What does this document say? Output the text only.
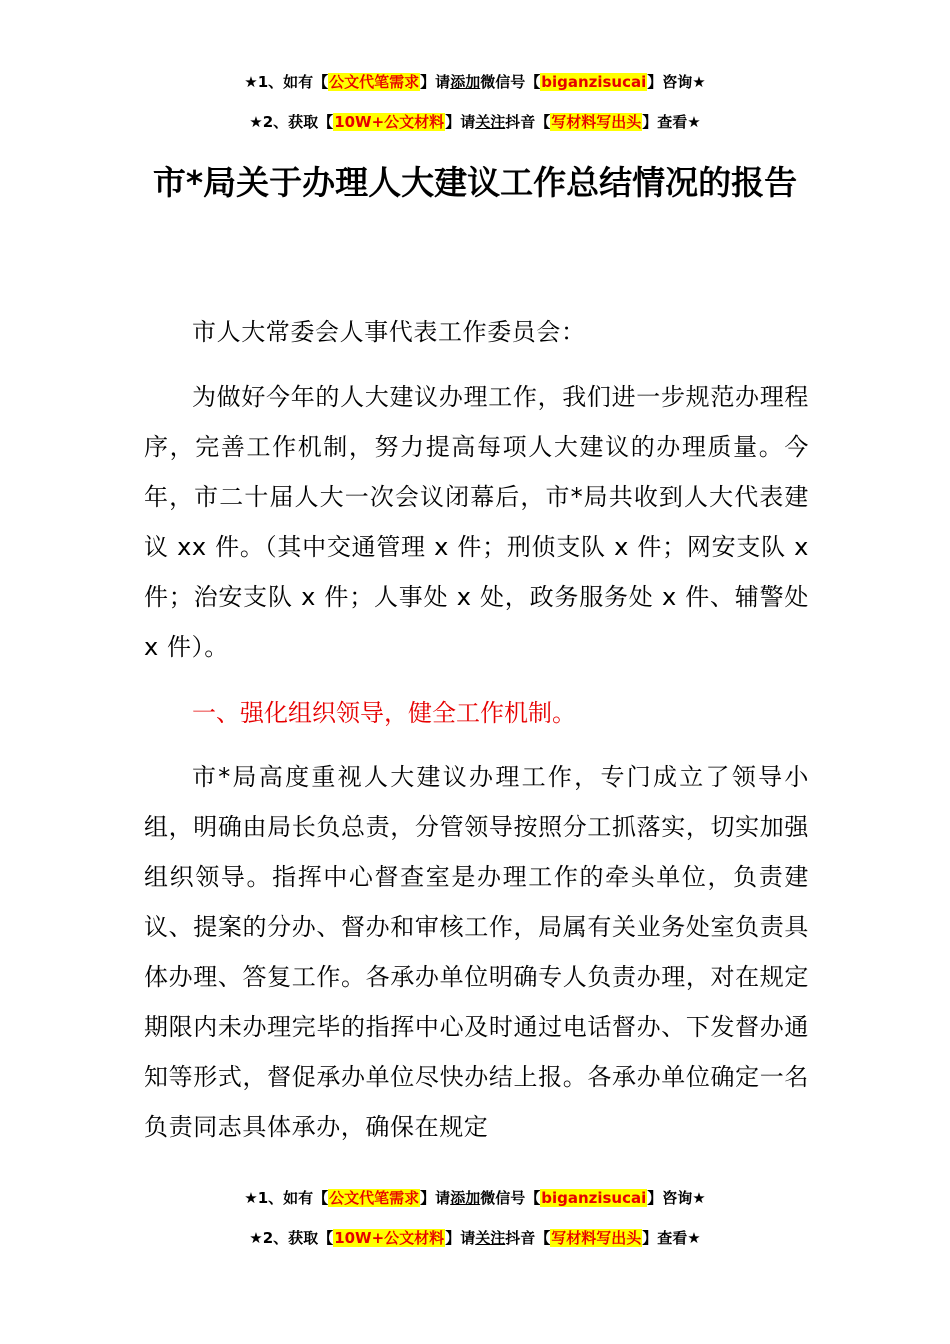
★1、如有【公文代笔需求】请添加微信号【biganzisucai】咨询★
★2、获取【10W+公文材料】请关注抖音【写材料写出头】查看★
市*局关于办理人大建议工作总结情况的报告

市人大常委会人事代表工作委员会：

为做好今年的人大建议办理工作，我们进一步规范办理程序，完善工作机制，努力提高每项人大建议的办理质量。今年，市二十届人大一次会议闭幕后，市*局共收到人大代表建议 xx 件。（其中交通管理 x 件；刑侦支队 x 件；网安支队 x 件；治安支队 x 件；人事处 x 处，政务服务处 x 件、辅警处 x 件）。

一、强化组织领导，健全工作机制。

市*局高度重视人大建议办理工作，专门成立了领导小组，明确由局长负总责，分管领导按照分工抓落实，切实加强组织领导。指挥中心督查室是办理工作的牵头单位，负责建议、提案的分办、督办和审核工作，局属有关业务处室负责具体办理、答复工作。各承办单位明确专人负责办理，对在规定期限内未办理完毕的指挥中心及时通过电话督办、下发督办通知等形式，督促承办单位尽快办结上报。各承办单位确定一名负责同志具体承办，确保在规定

★1、如有【公文代笔需求】请添加微信号【biganzisucai】咨询★
★2、获取【10W+公文材料】请关注抖音【写材料写出头】查看★
